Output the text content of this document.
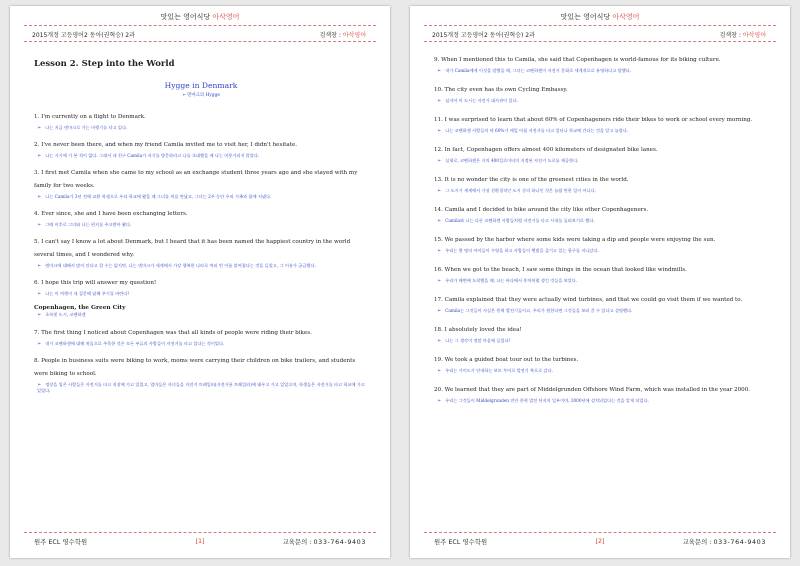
맛있는 영어식당 아삭영어
2015개정 고등영어2 동아(권혁승) 2과	검색창 : 아삭영어
Lesson 2. Step into the World
Hygge in Denmark
➢ 덴마크의 Hygge
1. I'm currently on a flight to Denmark.
➢ 나는 지금 덴마크로 가는 비행기를 타고 있다.
2. I've never been there, and when my friend Camila invited me to visit her, I didn't hesitate.
➢ 나는 거기에 가 본 적이 없다. 그래서 내 친구 Camila가 자기를 방문하라고 나를 초대했을 때 나는 머뭇거리지 않았다.
3. I first met Camila when she came to my school as an exchange student three years ago and she stayed with my family for two weeks.
➢ 나는 Camila가 3년 전에 교환 학생으로 우리 학교에 왔을 때 그녀를 처음 만났고, 그녀는 2주 동안 우리 가족과 함께 지냈다.
4. Ever since, she and I have been exchanging letters.
➢ 그때 이후로 그녀와 나는 편지를 주고받아 왔다.
5. I can't say I know a lot about Denmark, but I heard that it has been named the happiest country in the world several times, and I wondered why.
➢ 덴마크에 대해서 많이 안다고 할 수는 없지만, 나는 덴마크가 세계에서 가장 행복한 나라로 여러 번 이름 붙여졌다는 것을 들었고, 그 이유가 궁금했다.
6. I hope this trip will answer my question!
➢ 나는 이 여행이 내 질문에 답해 주기를 바란다!
Copenhagen, the Green City
➢ 초록빛 도시, 코펜하겐
7. The first thing I noticed about Copenhagen was that all kinds of people were riding their bikes.
➢ 내가 코펜하겐에 대해 처음으로 주목한 것은 모든 부류의 사람들이 자전거를 타고 있다는 것이었다.
8. People in business suits were biking to work, moms were carrying their children on bike trailers, and students were biking to school.
➢ 정장을 입은 사람들은 자전거를 타고 직장에 가고 있었고, 엄마들은 자녀들을 자전거 트레일러(자전거용 트레일러)에 태우고 가고 있었으며, 학생들은 자전거를 타고 학교에 가고 있었다.
원주 ECL 영수학원	[1]	교육문의 : 033-764-9403
맛있는 영어식당 아삭영어
2015개정 고등영어2 동아(권혁승) 2과	검색창 : 아삭영어
9. When I mentioned this to Camila, she said that Copenhagen is world-famous for its biking culture.
➢ 내가 Camila에게 이것을 말했을 때, 그녀는 코펜하겐이 자전거 문화로 세계적으로 유명하다고 말했다.
10. The city even has its own Cycling Embassy.
➢ 심지어 이 도시는 자전거 대사관이 있다.
11. I was surprised to learn that about 60% of Copenhageners ride their bikes to work or school every morning.
➢ 나는 코펜하겐 사람들의 약 60%가 매일 아침 자전거를 타고 일터나 학교에 간다는 것을 알고 놀랐다.
12. In fact, Copenhagen offers almost 400 kilometers of designated bike lanes.
➢ 실제로, 코펜하겐은 거의 400킬로미터의 지정된 자전거 도로를 제공한다.
13. It is no wonder the city is one of the greenest cities in the world.
➢ 그 도시가 세계에서 가장 친환경적인 도시 중의 하나인 것은 놀랄 만한 일이 아니다.
14. Camila and I decided to bike around the city like other Copenhageners.
➢ Camila와 나는 다른 코펜하겐 사람들처럼 자전거를 타고 시내를 둘러보기로 했다.
15. We passed by the harbor where some kids were taking a dip and people were enjoying the sun.
➢ 우리는 몇 명의 아이들이 수영을 하고 사람들이 햇볕을 즐기고 있는 항구를 지나갔다.
16. When we got to the beach, I saw some things in the ocean that looked like windmills.
➢ 우리가 해변에 도착했을 때, 나는 바다에서 풍차처럼 생긴 것들을 보았다.
17. Camila explained that they were actually wind turbines, and that we could go visit them if we wanted to.
➢ Camila는 그것들이 사실은 풍력 발전기들이고, 우리가 원한다면 그것들을 보러 갈 수 있다고 설명했다.
18. I absolutely loved the idea!
➢ 나는 그 생각이 정말 마음에 들었다!
19. We took a guided boat tour out to the turbines.
➢ 우리는 가이드가 안내하는 보트 투어로 발전기 쪽으로 갔다.
20. We learned that they are part of Middelgrunden Offshore Wind Farm, which was installed in the year 2000.
➢ 우리는 그것들이 Middelgrunden 연안 풍력 발전 단지의 일부이며, 2000년에 설치되었다는 것을 알게 되었다.
원주 ECL 영수학원	[2]	교육문의 : 033-764-9403
